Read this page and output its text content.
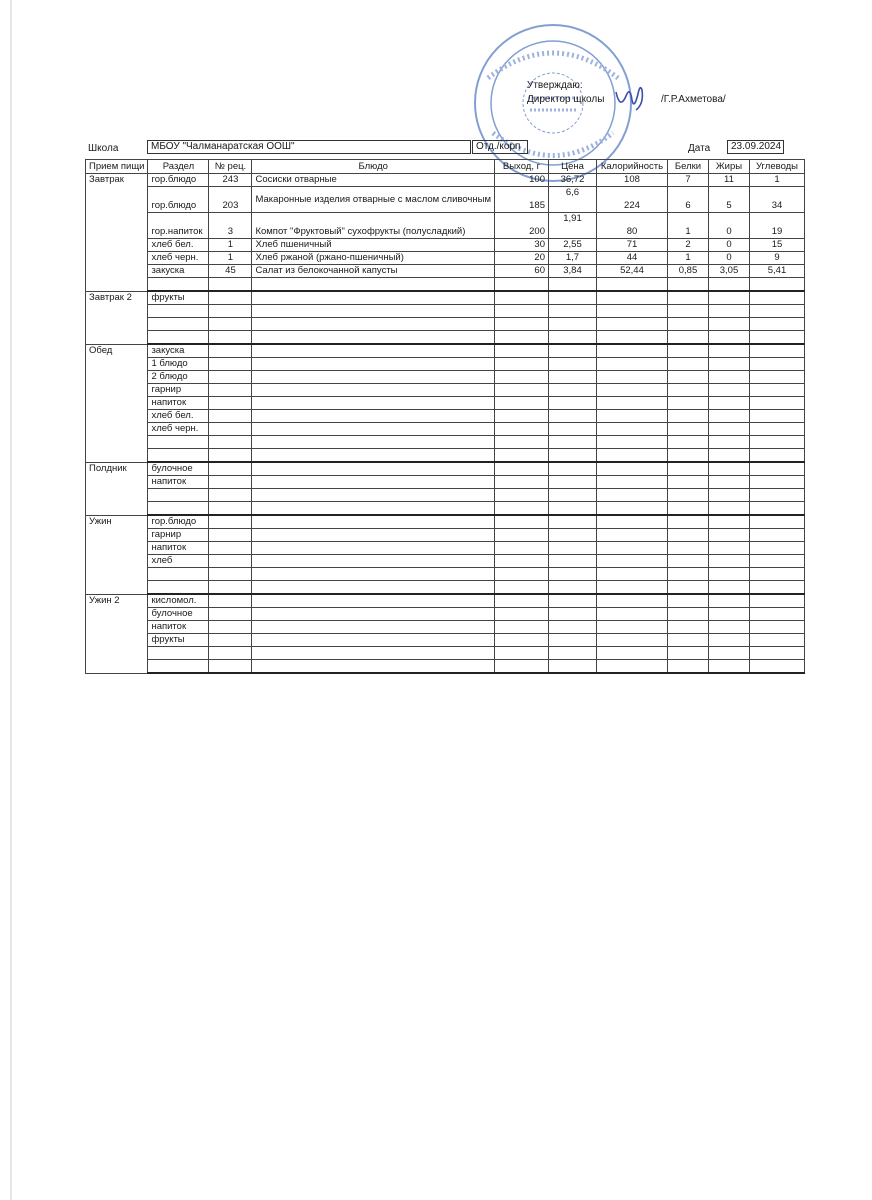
Утверждаю:
Директор щколы	/Г.Р.Ахметова/
Школа	МБОУ "Чалманаратская ООШ"	Отд./корп	Дата	23.09.2024
Прием пищи	Раздел	№ рец.	Блюдо	Выход, г	Цена	Калорийность	Белки	Жиры	Углеводы
Завтрак	гор.блюдо	243	Сосиски отварные	100	36,72	108	7	11	1
	гор.блюдо	203	Макаронные изделия отварные с маслом сливочным	185	6,6	224	6	5	34
	гор.напиток	3	Компот "Фруктовый" сухофрукты (полусладкий)	200	1,91	80	1	0	19
	хлеб бел.	1	Хлеб пшеничный	30	2,55	71	2	0	15
	хлеб черн.	1	Хлеб ржаной (ржано-пшеничный)	20	1,7	44	1	0	9
	закуска	45	Салат из белокочанной капусты	60	3,84	52,44	0,85	3,05	5,41

Завтрак 2	фрукты								

Обед	закуска								
	1 блюдо								
	2 блюдо								
	гарнир								
	напиток								
	хлеб бел.								
	хлеб черн.								

Полдник	булочное								
	напиток								

Ужин	гор.блюдо								
	гарнир								
	напиток								
	хлеб								

Ужин 2	кисломол.								
	булочное								
	напиток								
	фрукты								
